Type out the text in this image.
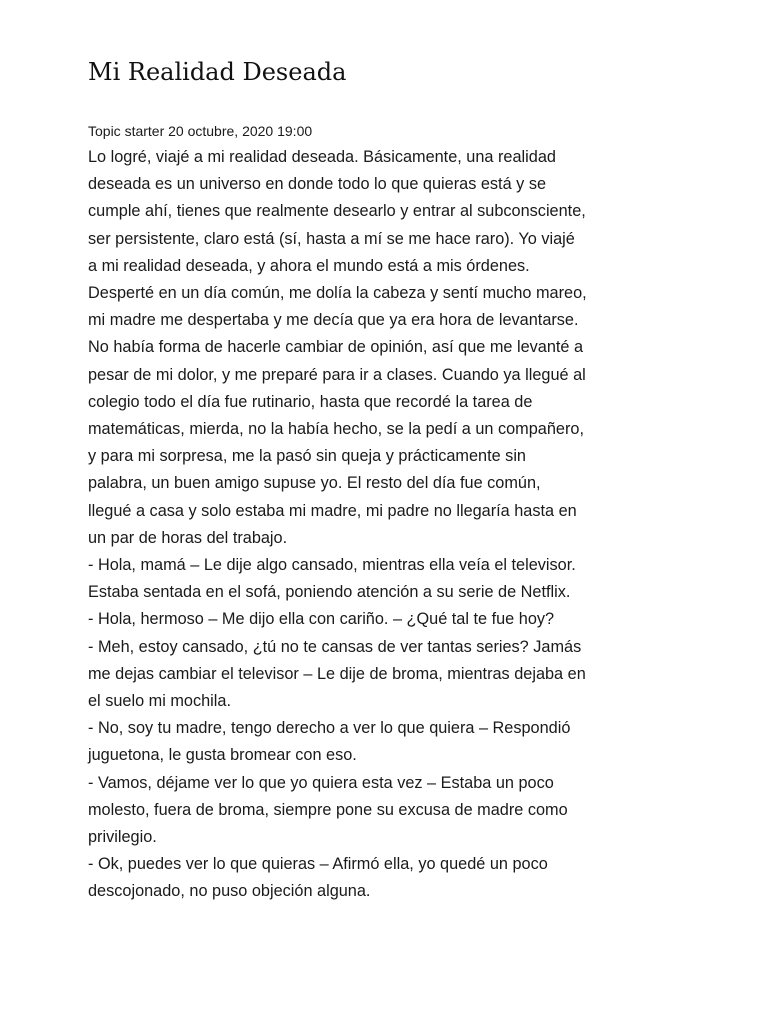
Mi Realidad Deseada
Topic starter 20 octubre, 2020 19:00

Lo logré, viajé a mi realidad deseada. Básicamente, una realidad deseada es un universo en donde todo lo que quieras está y se cumple ahí, tienes que realmente desearlo y entrar al subconsciente, ser persistente, claro está (sí, hasta a mí se me hace raro). Yo viajé a mi realidad deseada, y ahora el mundo está a mis órdenes.

Desperté en un día común, me dolía la cabeza y sentí mucho mareo, mi madre me despertaba y me decía que ya era hora de levantarse. No había forma de hacerle cambiar de opinión, así que me levanté a pesar de mi dolor, y me preparé para ir a clases. Cuando ya llegué al colegio todo el día fue rutinario, hasta que recordé la tarea de matemáticas, mierda, no la había hecho, se la pedí a un compañero, y para mi sorpresa, me la pasó sin queja y prácticamente sin palabra, un buen amigo supuse yo. El resto del día fue común, llegué a casa y solo estaba mi madre, mi padre no llegaría hasta en un par de horas del trabajo.

- Hola, mamá – Le dije algo cansado, mientras ella veía el televisor. Estaba sentada en el sofá, poniendo atención a su serie de Netflix.

- Hola, hermoso – Me dijo ella con cariño. – ¿Qué tal te fue hoy?

- Meh, estoy cansado, ¿tú no te cansas de ver tantas series? Jamás me dejas cambiar el televisor – Le dije de broma, mientras dejaba en el suelo mi mochila.

- No, soy tu madre, tengo derecho a ver lo que quiera – Respondió juguetona, le gusta bromear con eso.

- Vamos, déjame ver lo que yo quiera esta vez – Estaba un poco molesto, fuera de broma, siempre pone su excusa de madre como privilegio.

- Ok, puedes ver lo que quieras – Afirmó ella, yo quedé un poco descojonado, no puso objeción alguna.
